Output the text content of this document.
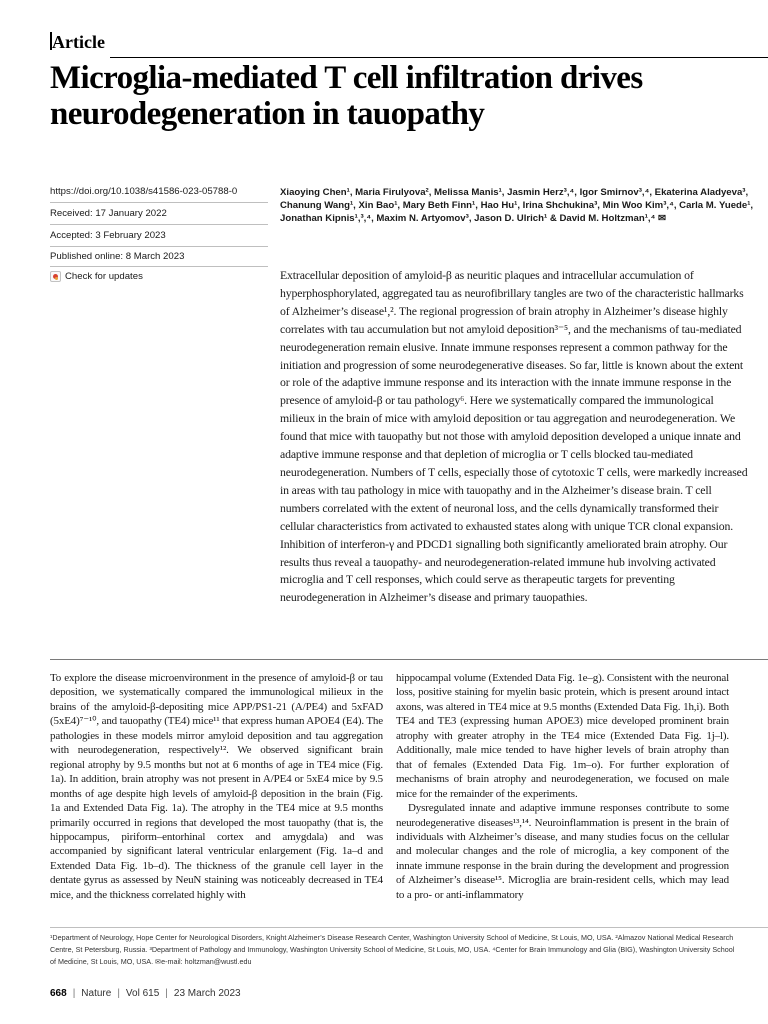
Article
Microglia-mediated T cell infiltration drives neurodegeneration in tauopathy
https://doi.org/10.1038/s41586-023-05788-0
Received: 17 January 2022
Accepted: 3 February 2023
Published online: 8 March 2023
Check for updates
Xiaoying Chen¹, Maria Firulyova², Melissa Manis¹, Jasmin Herz³,⁴, Igor Smirnov³,⁴, Ekaterina Aladyeva³, Chanung Wang¹, Xin Bao¹, Mary Beth Finn¹, Hao Hu¹, Irina Shchukina³, Min Woo Kim³,⁴, Carla M. Yuede¹, Jonathan Kipnis¹,³,⁴, Maxim N. Artyomov³, Jason D. Ulrich¹ & David M. Holtzman¹,⁴ ✉
Extracellular deposition of amyloid-β as neuritic plaques and intracellular accumulation of hyperphosphorylated, aggregated tau as neurofibrillary tangles are two of the characteristic hallmarks of Alzheimer’s disease¹,². The regional progression of brain atrophy in Alzheimer’s disease highly correlates with tau accumulation but not amyloid deposition³⁻⁵, and the mechanisms of tau-mediated neurodegeneration remain elusive. Innate immune responses represent a common pathway for the initiation and progression of some neurodegenerative diseases. So far, little is known about the extent or role of the adaptive immune response and its interaction with the innate immune response in the presence of amyloid-β or tau pathology⁶. Here we systematically compared the immunological milieux in the brain of mice with amyloid deposition or tau aggregation and neurodegeneration. We found that mice with tauopathy but not those with amyloid deposition developed a unique innate and adaptive immune response and that depletion of microglia or T cells blocked tau-mediated neurodegeneration. Numbers of T cells, especially those of cytotoxic T cells, were markedly increased in areas with tau pathology in mice with tauopathy and in the Alzheimer’s disease brain. T cell numbers correlated with the extent of neuronal loss, and the cells dynamically transformed their cellular characteristics from activated to exhausted states along with unique TCR clonal expansion. Inhibition of interferon-γ and PDCD1 signalling both significantly ameliorated brain atrophy. Our results thus reveal a tauopathy- and neurodegeneration-related immune hub involving activated microglia and T cell responses, which could serve as therapeutic targets for preventing neurodegeneration in Alzheimer’s disease and primary tauopathies.

To explore the disease microenvironment in the presence of amyloid-β or tau deposition, we systematically compared the immunological milieux in the brains of the amyloid-β-depositing mice APP/PS1-21 (A/PE4) and 5xFAD (5xE4)⁷⁻¹⁰, and tauopathy (TE4) mice¹¹ that express human APOE4 (E4). The pathologies in these models mirror amyloid deposition and tau aggregation with neurodegeneration, respectively¹². We observed significant brain regional atrophy by 9.5 months but not at 6 months of age in TE4 mice (Fig. 1a). In addition, brain atrophy was not present in A/PE4 or 5xE4 mice by 9.5 months of age despite high levels of amyloid-β deposition in the brain (Fig. 1a and Extended Data Fig. 1a). The atrophy in the TE4 mice at 9.5 months primarily occurred in regions that developed the most tauopathy (that is, the hippocampus, piriform–entorhinal cortex and amygdala) and was accompanied by significant lateral ventricular enlargement (Fig. 1a–d and Extended Data Fig. 1b–d). The thickness of the granule cell layer in the dentate gyrus as assessed by NeuN staining was noticeably decreased in TE4 mice, and the thickness correlated highly with

hippocampal volume (Extended Data Fig. 1e–g). Consistent with the neuronal loss, positive staining for myelin basic protein, which is present around intact axons, was altered in TE4 mice at 9.5 months (Extended Data Fig. 1h,i). Both TE4 and TE3 (expressing human APOE3) mice developed prominent brain atrophy with greater atrophy in the TE4 mice (Extended Data Fig. 1j–l). Additionally, male mice tended to have higher levels of brain atrophy than that of females (Extended Data Fig. 1m–o). For further exploration of mechanisms of brain atrophy and neurodegeneration, we focused on male mice for the remainder of the experiments.

Dysregulated innate and adaptive immune responses contribute to some neurodegenerative diseases¹³,¹⁴. Neuroinflammation is present in the brain of individuals with Alzheimer’s disease, and many studies focus on the cellular and molecular changes and the role of microglia, a key component of the innate immune response in the brain during the development and progression of Alzheimer’s disease¹⁵. Microglia are brain-resident cells, which may lead to a pro- or anti-inflammatory

¹Department of Neurology, Hope Center for Neurological Disorders, Knight Alzheimer’s Disease Research Center, Washington University School of Medicine, St Louis, MO, USA. ²Almazov National Medical Research Centre, St Petersburg, Russia. ³Department of Pathology and Immunology, Washington University School of Medicine, St Louis, MO, USA. ⁴Center for Brain Immunology and Glia (BIG), Washington University School of Medicine, St Louis, MO, USA. ✉e-mail: holtzman@wustl.edu
668 | Nature | Vol 615 | 23 March 2023
